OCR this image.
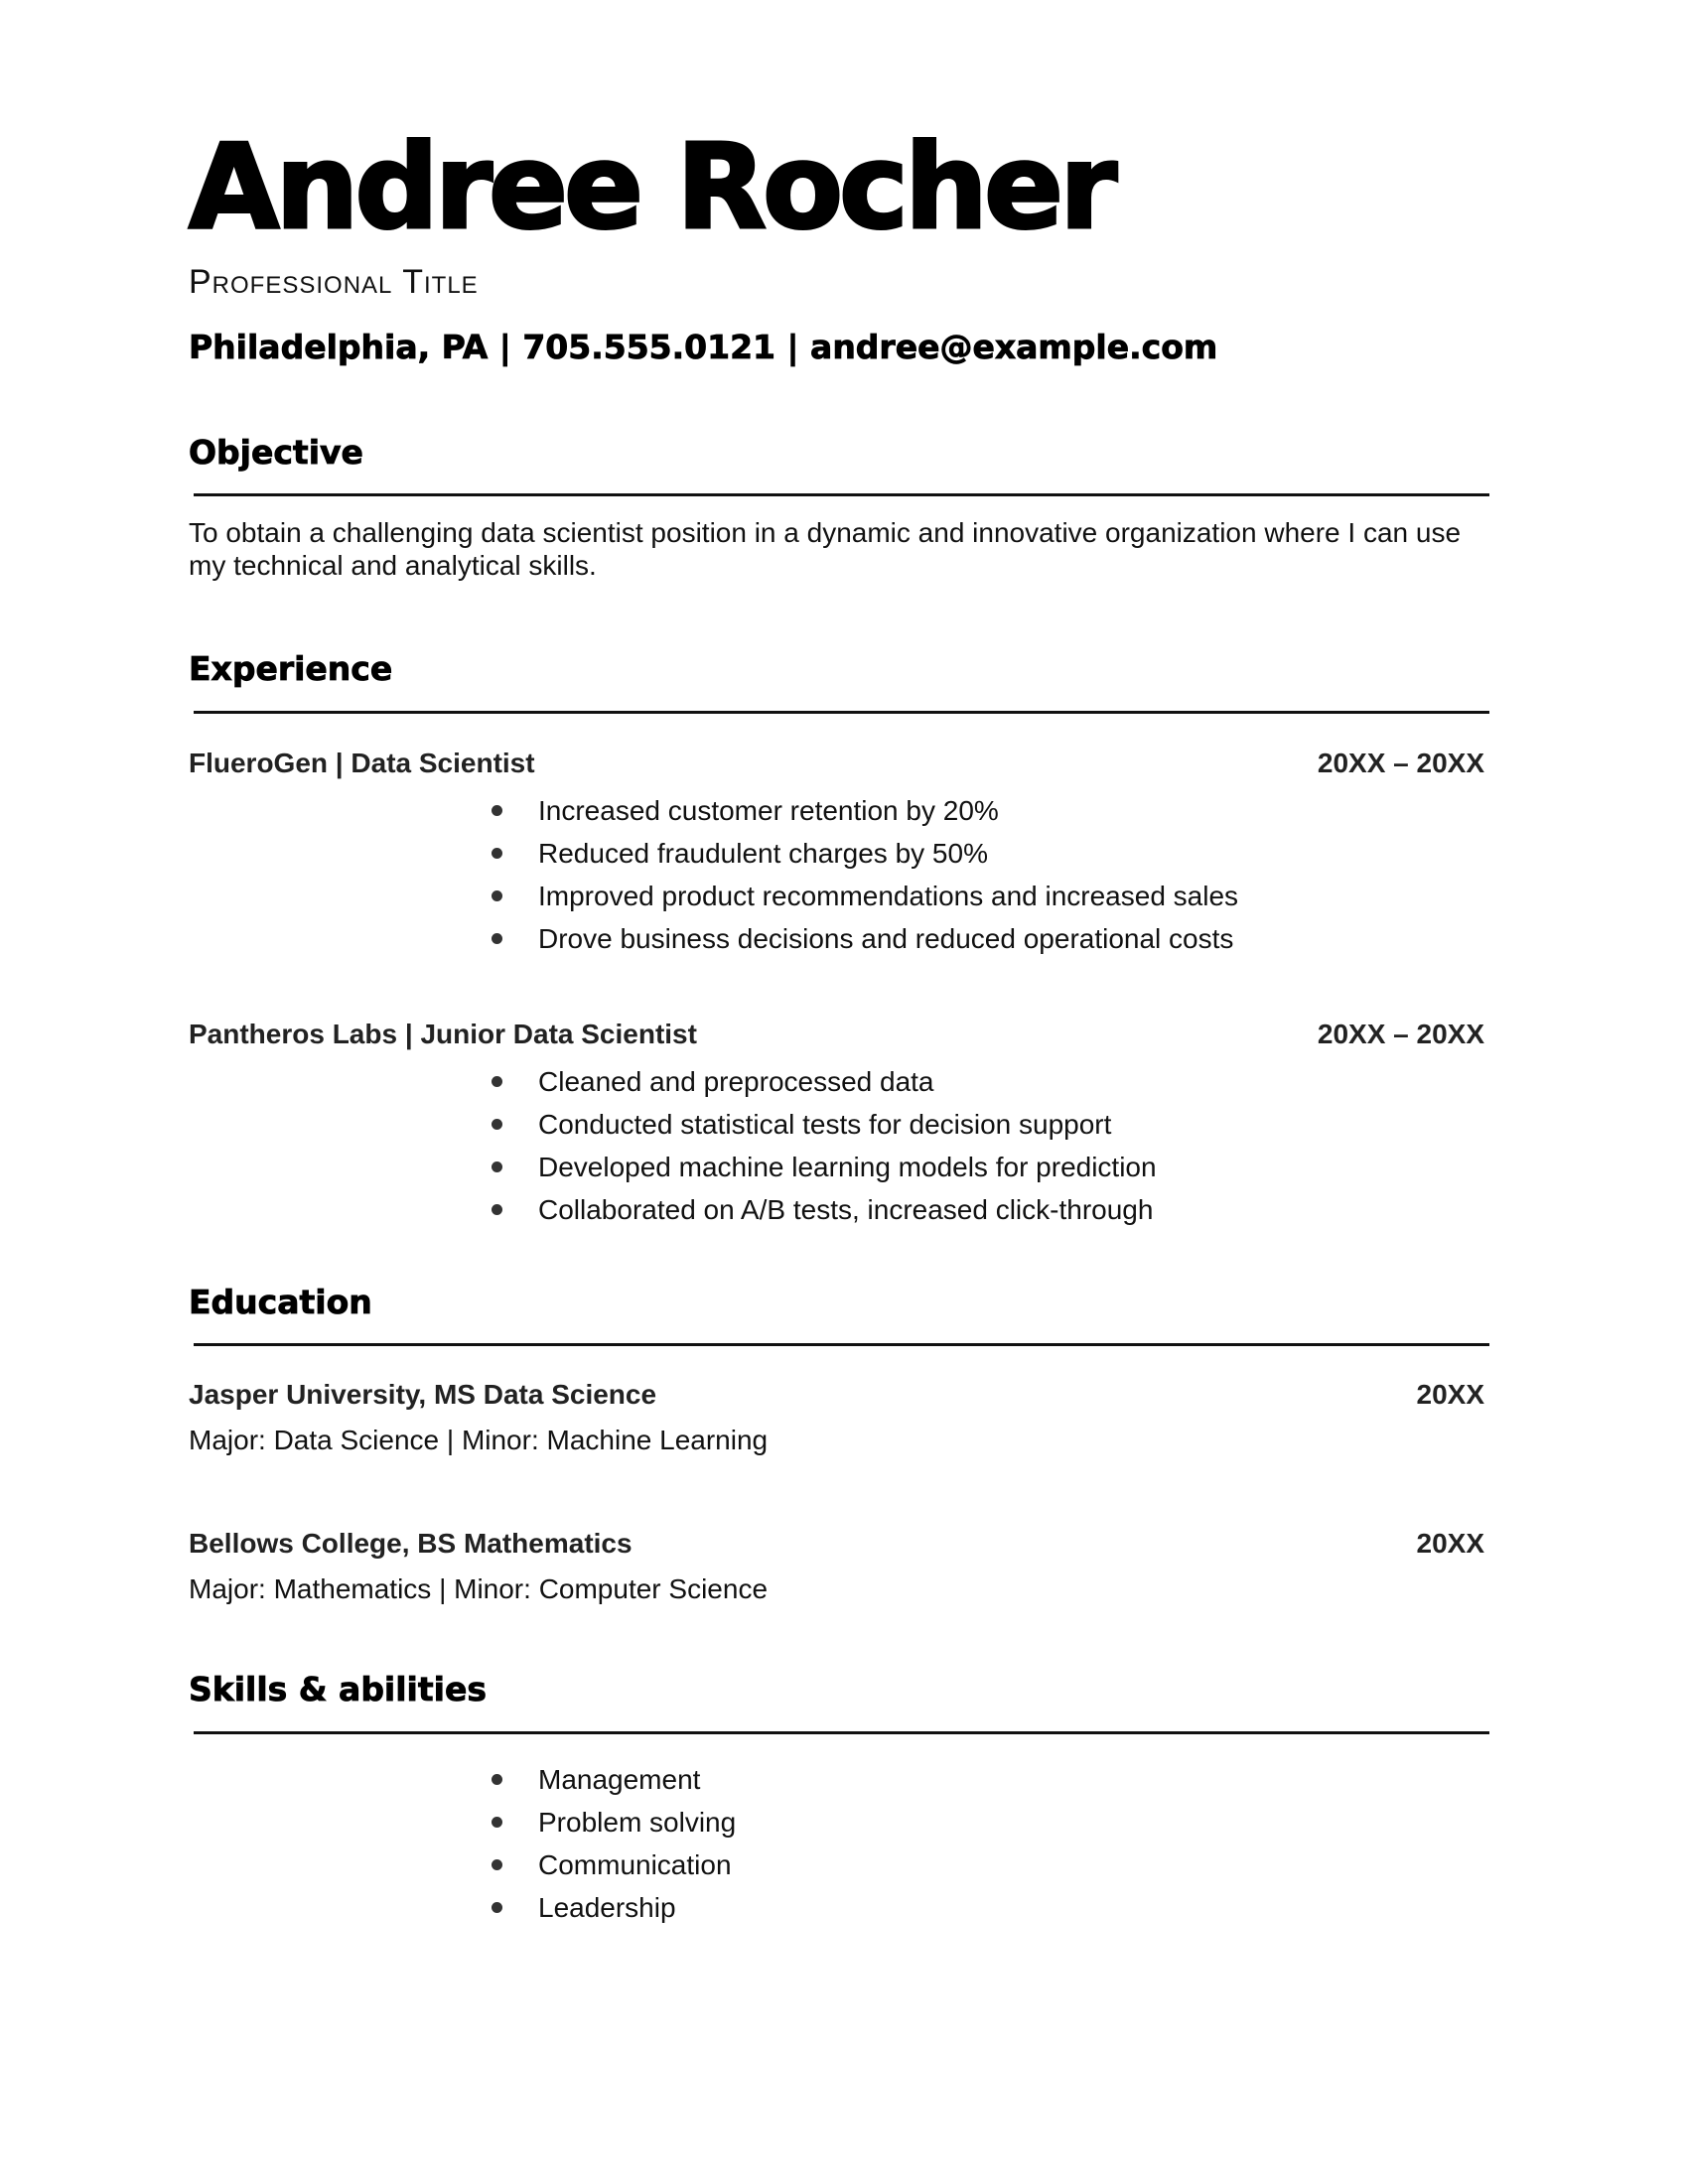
Andree Rocher
Professional Title
Philadelphia, PA | 705.555.0121 | andree@example.com
Objective
To obtain a challenging data scientist position in a dynamic and innovative organization where I can use my technical and analytical skills.
Experience
FlueroGen | Data Scientist	20XX – 20XX
Increased customer retention by 20%
Reduced fraudulent charges by 50%
Improved product recommendations and increased sales
Drove business decisions and reduced operational costs
Pantheros Labs | Junior Data Scientist	20XX – 20XX
Cleaned and preprocessed data
Conducted statistical tests for decision support
Developed machine learning models for prediction
Collaborated on A/B tests, increased click-through
Education
Jasper University, MS Data Science	20XX
Major: Data Science | Minor: Machine Learning
Bellows College, BS Mathematics	20XX
Major: Mathematics | Minor: Computer Science
Skills & abilities
Management
Problem solving
Communication
Leadership
